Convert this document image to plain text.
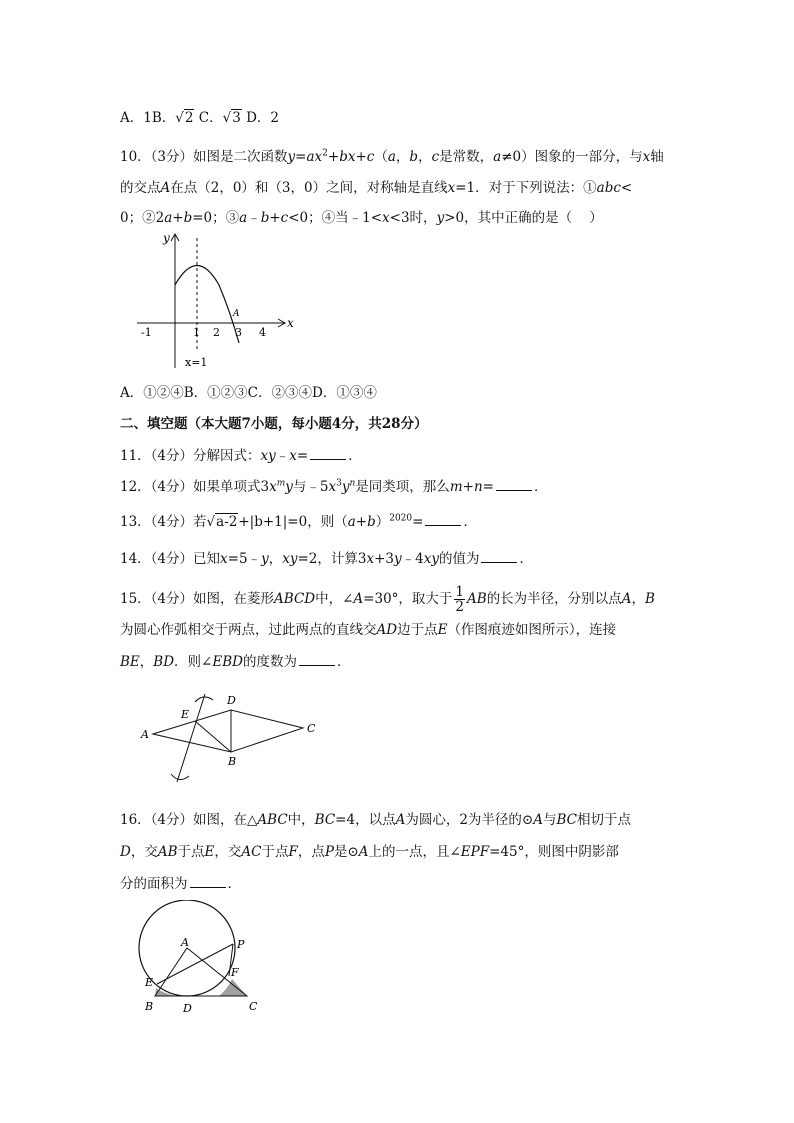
A．1B．√2 C．√3 D．2
10．（3分）如图是二次函数$y=ax^2+bx+c(a$，b，c是常数，a≠0）图象的一部分，与x轴
的交点A在点（2，0）和（3，0）之间，对称轴是直线x=1．对于下列说法：①abc<
0；②2a+b=0；③a﹣b+c<0；④当﹣1<x<3时，y>0，其中正确的是（    ）
y
x
A
-1	1 2 3 4
x=1
A．①②④B．①②③C．②③④D．①③④
二、填空题（本大题7小题，每小题4分，共28分）
11．（4分）分解因式：xy﹣x=	．
12．（4分）如果单项式$3x^my$与$﹣5x^3y^n$是同类项，那么m+n=	．
13．（4分）若√a-2+|b+1|=0，则$(a+b)^{2020}=$	．
14．（4分）已知x=5﹣y，xy=2，计算3x+3y﹣4xy的值为	．
15．（4分）如图，在菱形ABCD中，∠A=30°，取大于 $\frac{1}{2}$ AB的长为半径，分别以点A，B
为圆心作弧相交于两点，过此两点的直线交AD边于点E（作图痕迹如图所示），连接
BE，BD．则∠EBD的度数为	．
A
B
C
D
E
16．（4分）如图，在△ABC中，BC=4，以点A为圆心，2为半径的⊙A与BC相切于点
D，交AB于点E，交AC于点F，点P是⊙A上的一点，且∠EPF=45°，则图中阴影部
分的面积为	．
A	P
E
F
B	D	C
